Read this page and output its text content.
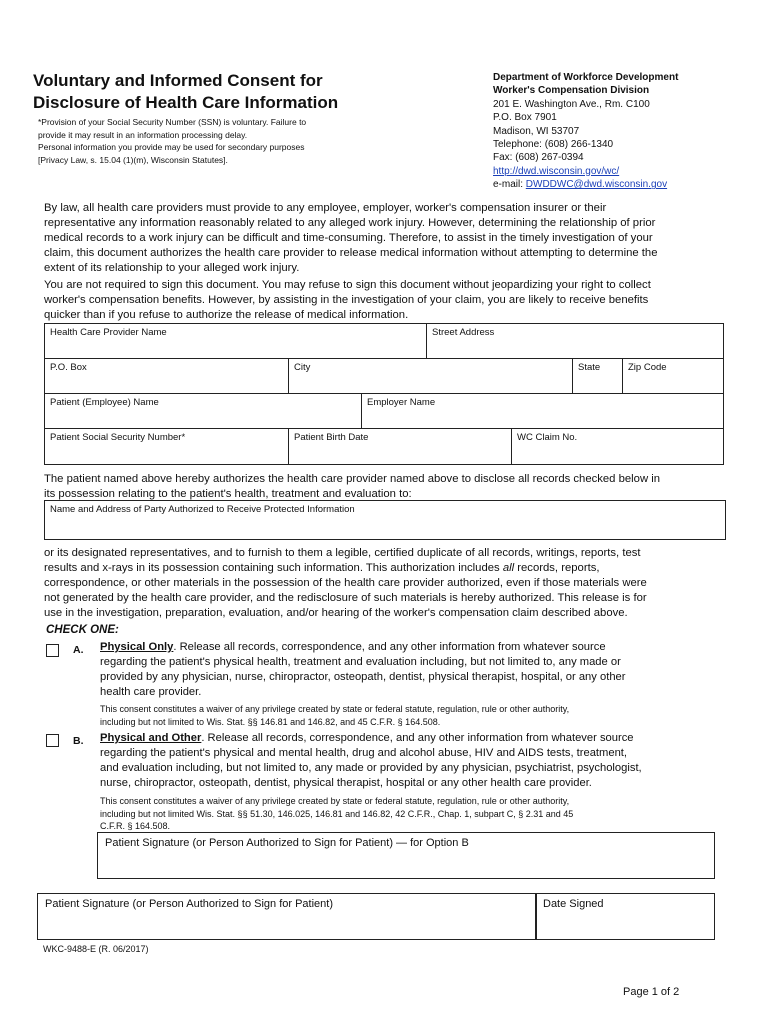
Voluntary and Informed Consent for
Disclosure of Health Care Information
*Provision of your Social Security Number (SSN) is voluntary. Failure to
provide it may result in an information processing delay.
Personal information you provide may be used for secondary purposes
[Privacy Law, s. 15.04 (1)(m), Wisconsin Statutes].
Department of Workforce Development
Worker's Compensation Division
201 E. Washington Ave., Rm. C100
P.O. Box 7901
Madison, WI 53707
Telephone: (608) 266-1340
Fax: (608) 267-0394
http://dwd.wisconsin.gov/wc/
e-mail: DWDDWC@dwd.wisconsin.gov
By law, all health care providers must provide to any employee, employer, worker's compensation insurer or their
representative any information reasonably related to any alleged work injury. However, determining the relationship of prior
medical records to a work injury can be difficult and time-consuming. Therefore, to assist in the timely investigation of your
claim, this document authorizes the health care provider to release medical information without attempting to determine the
extent of its relationship to your alleged work injury.
You are not required to sign this document. You may refuse to sign this document without jeopardizing your right to collect
worker's compensation benefits. However, by assisting in the investigation of your claim, you are likely to receive benefits
quicker than if you refuse to authorize the release of medical information.
Health Care Provider Name	Street Address
P.O. Box	City	State	Zip Code
Patient (Employee) Name	Employer Name
Patient Social Security Number*	Patient Birth Date	WC Claim No.
The patient named above hereby authorizes the health care provider named above to disclose all records checked below in
its possession relating to the patient's health, treatment and evaluation to:
Name and Address of Party Authorized to Receive Protected Information
or its designated representatives, and to furnish to them a legible, certified duplicate of all records, writings, reports, test
results and x-rays in its possession containing such information. This authorization includes all records, reports,
correspondence, or other materials in the possession of the health care provider authorized, even if those materials were
not generated by the health care provider, and the redisclosure of such materials is hereby authorized. This release is for
use in the investigation, preparation, evaluation, and/or hearing of the worker's compensation claim described above.
CHECK ONE:
A. Physical Only. Release all records, correspondence, and any other information from whatever source
regarding the patient's physical health, treatment and evaluation including, but not limited to, any made or
provided by any physician, nurse, chiropractor, osteopath, dentist, physical therapist, hospital, or any other
health care provider.
This consent constitutes a waiver of any privilege created by state or federal statute, regulation, rule or other authority,
including but not limited to Wis. Stat. §§ 146.81 and 146.82, and 45 C.F.R. § 164.508.
B. Physical and Other. Release all records, correspondence, and any other information from whatever source
regarding the patient's physical and mental health, drug and alcohol abuse, HIV and AIDS tests, treatment,
and evaluation including, but not limited to, any made or provided by any physician, psychiatrist, psychologist,
nurse, chiropractor, osteopath, dentist, physical therapist, hospital or any other health care provider.
This consent constitutes a waiver of any privilege created by state or federal statute, regulation, rule or other authority,
including but not limited Wis. Stat. §§ 51.30, 146.025, 146.81 and 146.82, 42 C.F.R., Chap. 1, subpart C, § 2.31 and 45
C.F.R. § 164.508.
Patient Signature (or Person Authorized to Sign for Patient) — for Option B
Patient Signature (or Person Authorized to Sign for Patient)	Date Signed
WKC-9488-E (R. 06/2017)
Page 1 of 2
